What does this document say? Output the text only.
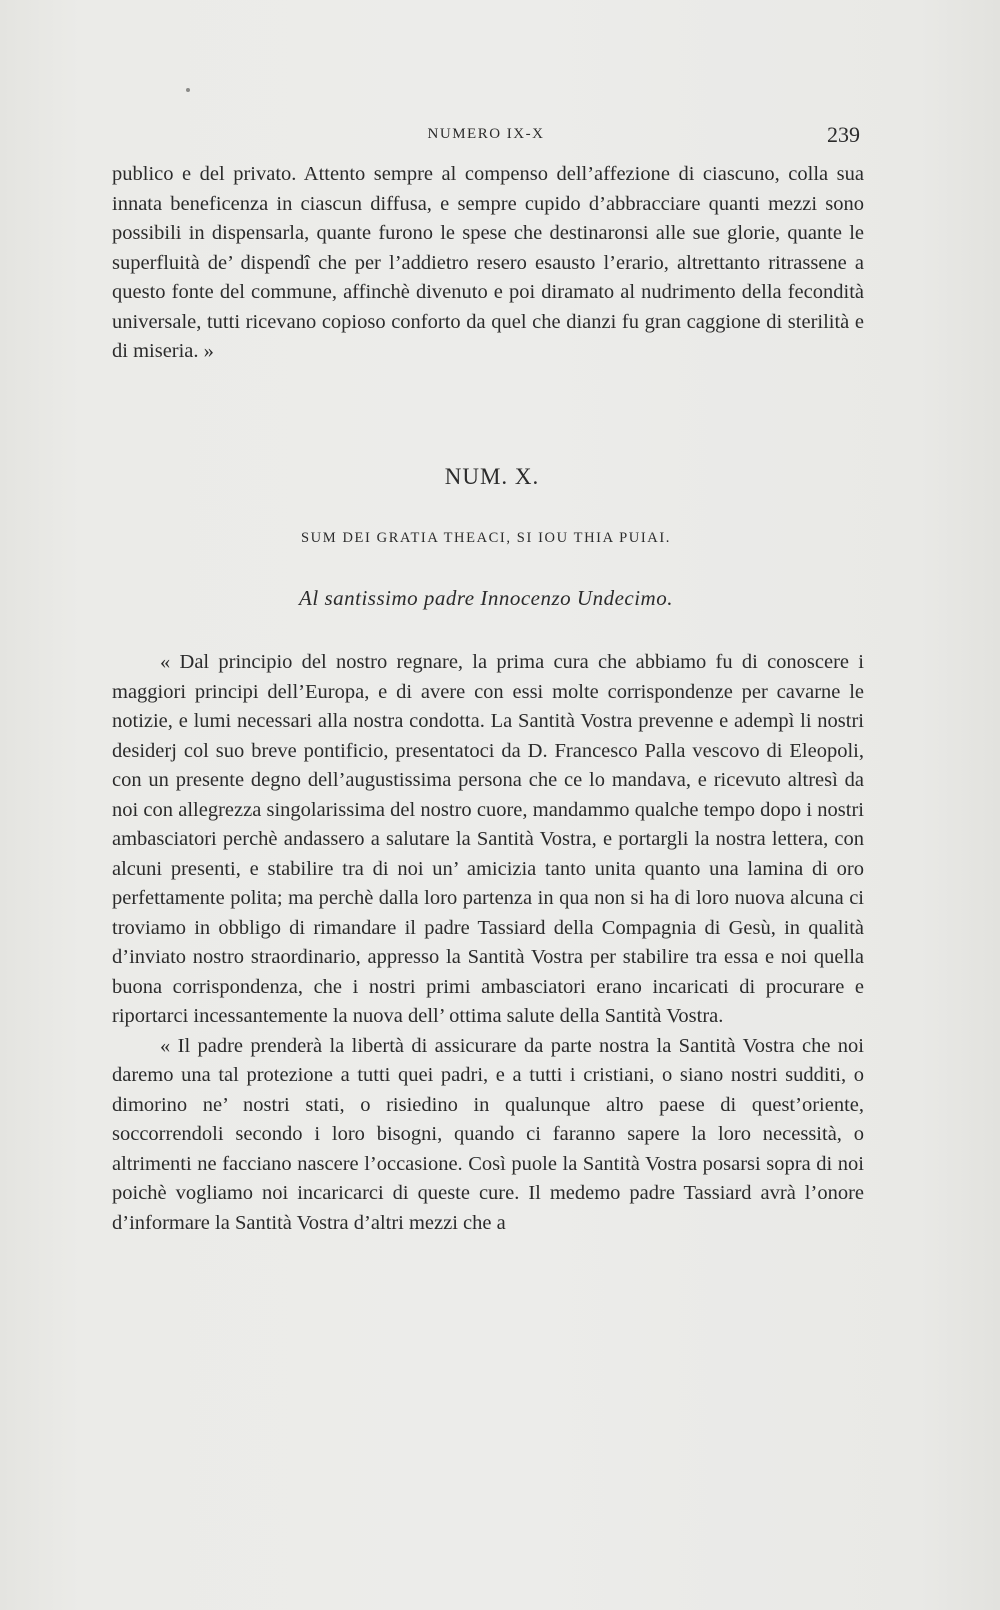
NUMERO IX-X	239

publico e del privato. Attento sempre al compenso dell’affezione di ciascuno, colla sua innata beneficenza in ciascun diffusa, e sempre cupido d’abbracciare quanti mezzi sono possibili in dispensarla, quante furono le spese che destinaronsi alle sue glorie, quante le superfluità de’ dispendî che per l’addietro resero esausto l’erario, altrettanto ritrassene a questo fonte del commune, affinchè divenuto e poi diramato al nudrimento della fecondità universale, tutti ricevano copioso conforto da quel che dianzi fu gran caggione di sterilità e di miseria. »

NUM. X.
SUM DEI GRATIA THEACI, SI IOU THIA PUIAI.
Al santissimo padre Innocenzo Undecimo.

« Dal principio del nostro regnare, la prima cura che abbiamo fu di conoscere i maggiori principi dell’Europa, e di avere con essi molte corrispondenze per cavarne le notizie, e lumi necessari alla nostra condotta. La Santità Vostra prevenne e adempì li nostri desiderj col suo breve pontificio, presentatoci da D. Francesco Palla vescovo di Eleopoli, con un presente degno dell’augustissima persona che ce lo mandava, e ricevuto altresì da noi con allegrezza singolarissima del nostro cuore, mandammo qualche tempo dopo i nostri ambasciatori perchè andassero a salutare la Santità Vostra, e portargli la nostra lettera, con alcuni presenti, e stabilire tra di noi un’ amicizia tanto unita quanto una lamina di oro perfettamente polita; ma perchè dalla loro partenza in qua non si ha di loro nuova alcuna ci troviamo in obbligo di rimandare il padre Tassiard della Compagnia di Gesù, in qualità d’inviato nostro straordinario, appresso la Santità Vostra per stabilire tra essa e noi quella buona corrispondenza, che i nostri primi ambasciatori erano incaricati di procurare e riportarci incessantemente la nuova dell’ ottima salute della Santità Vostra.

« Il padre prenderà la libertà di assicurare da parte nostra la Santità Vostra che noi daremo una tal protezione a tutti quei padri, e a tutti i cristiani, o siano nostri sudditi, o dimorino ne’ nostri stati, o risiedino in qualunque altro paese di quest’oriente, soccorrendoli secondo i loro bisogni, quando ci faranno sapere la loro necessità, o altrimenti ne facciano nascere l’occasione. Così puole la Santità Vostra posarsi sopra di noi poichè vogliamo noi incaricarci di queste cure. Il medemo padre Tassiard avrà l’onore d’informare la Santità Vostra d’altri mezzi che a
